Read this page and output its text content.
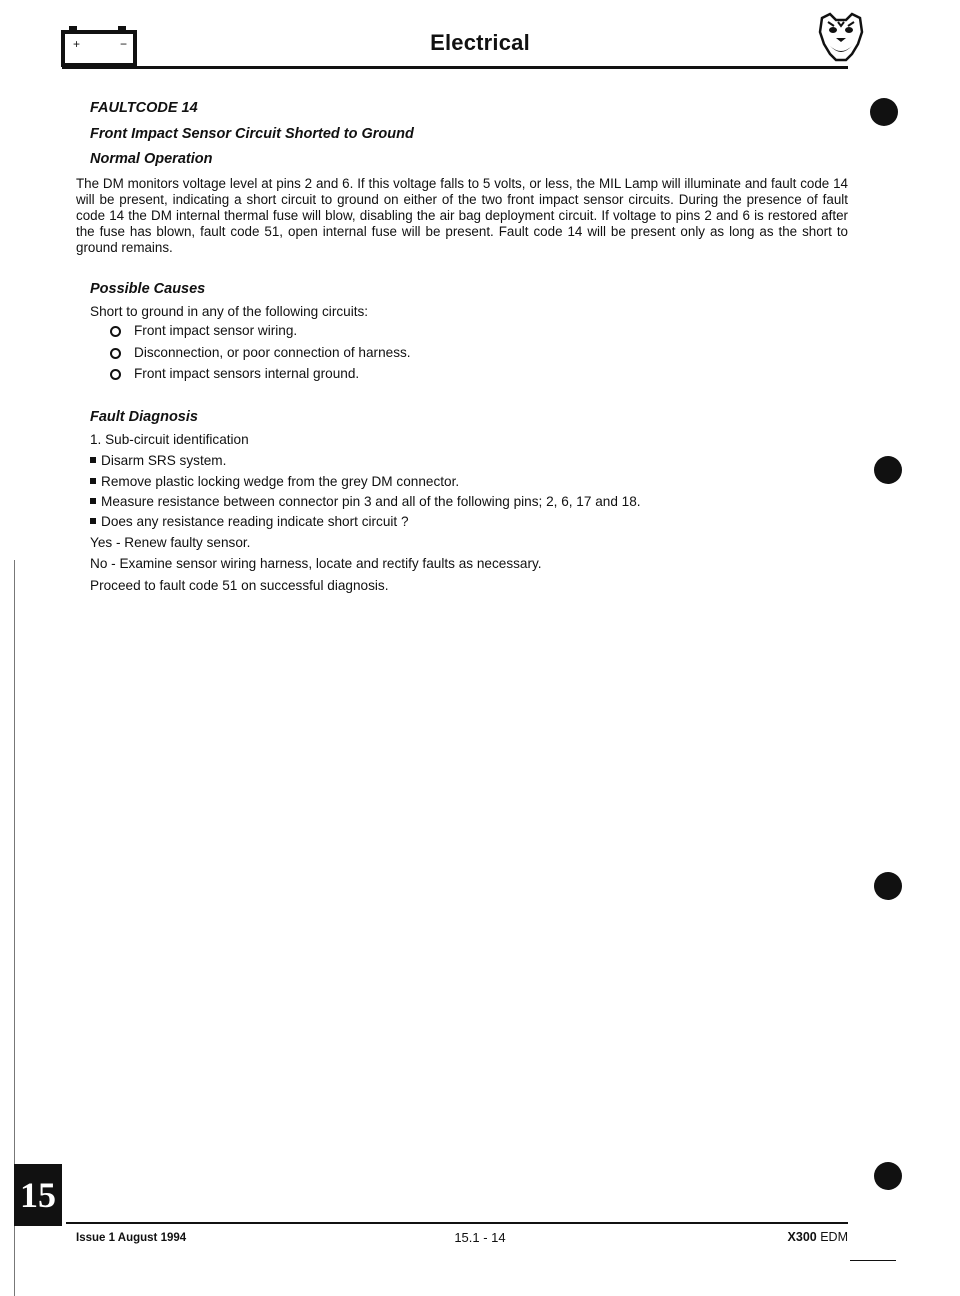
+	−	Electrical
FAULTCODE 14
Front Impact Sensor Circuit Shorted to Ground
Normal Operation
The DM monitors voltage level at pins 2 and 6. If this voltage falls to 5 volts, or less, the MIL Lamp will illuminate and fault code 14 will be present, indicating a short circuit to ground on either of the two front impact sensor circuits. During the presence of fault code 14 the DM internal thermal fuse will blow, disabling the air bag deployment circuit. If voltage to pins 2 and 6 is restored after the fuse has blown, fault code 51, open internal fuse will be present. Fault code 14 will be present only as long as the short to ground remains.
Possible Causes
Short to ground in any of the following circuits:
Front impact sensor wiring.
Disconnection, or poor connection of harness.
Front impact sensors internal ground.
Fault Diagnosis
1. Sub-circuit identification
Disarm SRS system.
Remove plastic locking wedge from the grey DM connector.
Measure resistance between connector pin 3 and all of the following pins; 2, 6, 17 and 18.
Does any resistance reading indicate short circuit ?
Yes - Renew faulty sensor.
No - Examine sensor wiring harness, locate and rectify faults as necessary.
Proceed to fault code 51 on successful diagnosis.
15
Issue 1 August 1994	15.1 - 14	X300 EDM
